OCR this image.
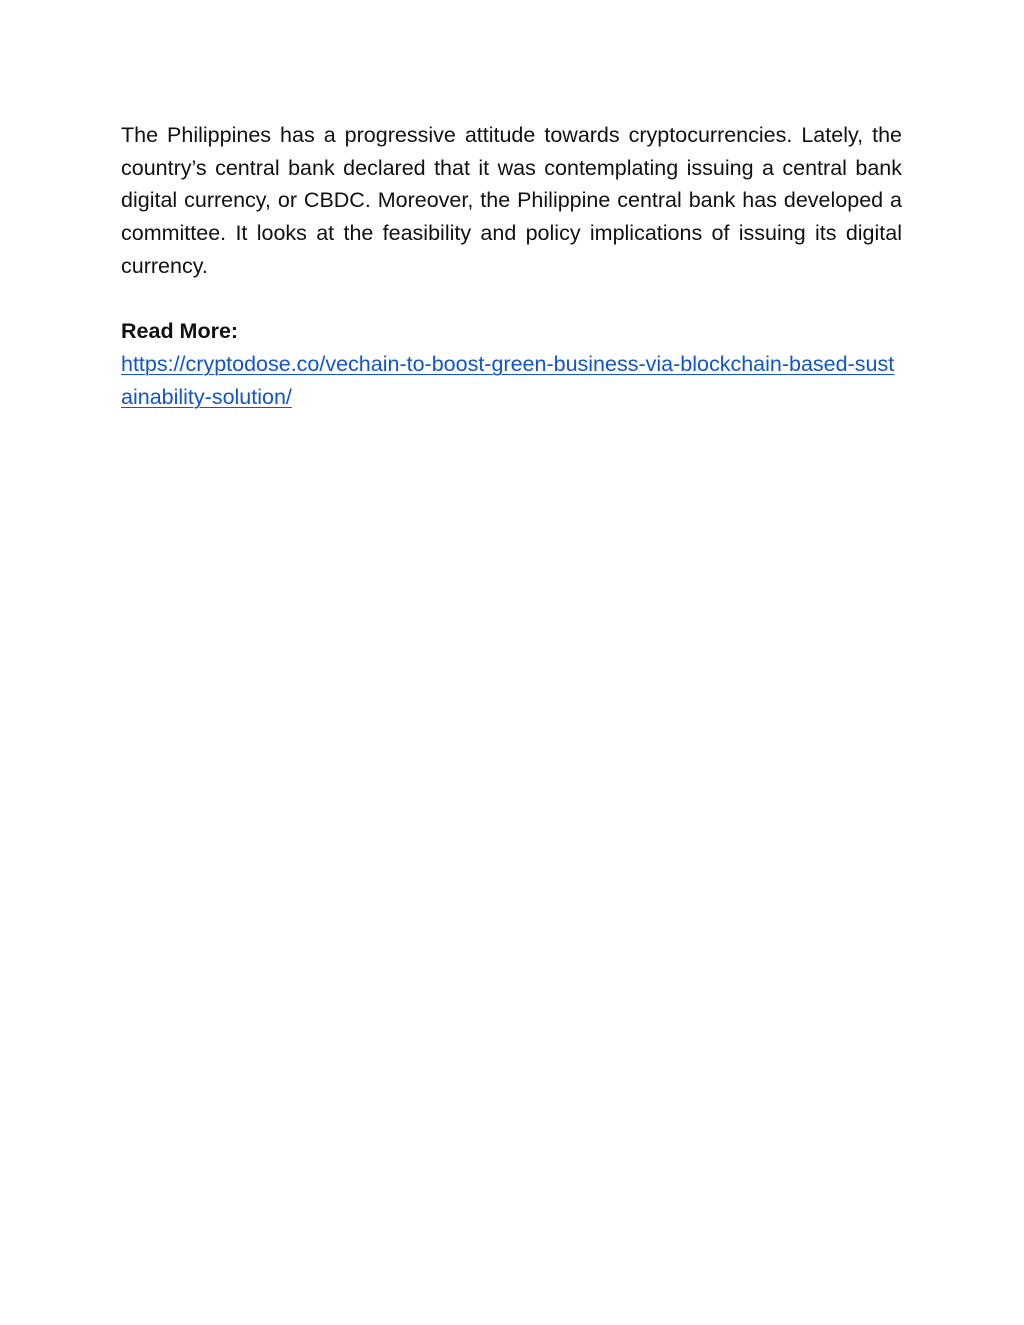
The Philippines has a progressive attitude towards cryptocurrencies. Lately, the country’s central bank declared that it was contemplating issuing a central bank digital currency, or CBDC. Moreover, the Philippine central bank has developed a committee. It looks at the feasibility and policy implications of issuing its digital currency.

Read More:

https://cryptodose.co/vechain-to-boost-green-business-via-blockchain-based-sustainability-solution/
